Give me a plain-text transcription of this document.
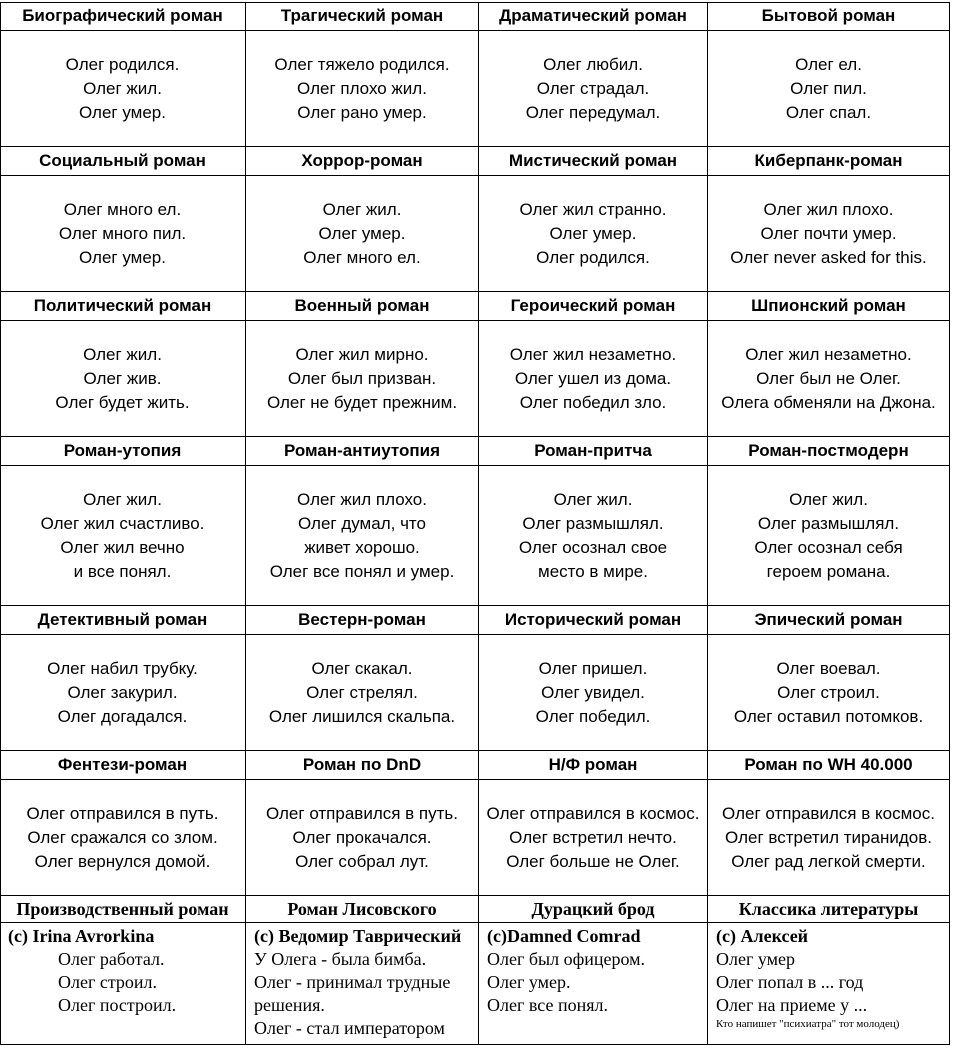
Биографический роман
Олег родился.
Олег жил.
Олег умер.
Трагический роман
Олег тяжело родился.
Олег плохо жил.
Олег рано умер.
Драматический роман
Олег любил.
Олег страдал.
Олег передумал.
Бытовой роман
Олег ел.
Олег пил.
Олег спал.
Социальный роман
Олег много ел.
Олег много пил.
Олег умер.
Хоррор-роман
Олег жил.
Олег умер.
Олег много ел.
Мистический роман
Олег жил странно.
Олег умер.
Олег родился.
Киберпанк-роман
Олег жил плохо.
Олег почти умер.
Олег never asked for this.
Политический роман
Олег жил.
Олег жив.
Олег будет жить.
Военный роман
Олег жил мирно.
Олег был призван.
Олег не будет прежним.
Героический роман
Олег жил незаметно.
Олег ушел из дома.
Олег победил зло.
Шпионский роман
Олег жил незаметно.
Олег был не Олег.
Олега обменяли на Джона.
Роман-утопия
Олег жил.
Олег жил счастливо.
Олег жил вечно
и все понял.
Роман-антиутопия
Олег жил плохо.
Олег думал, что
живет хорошо.
Олег все понял и умер.
Роман-притча
Олег жил.
Олег размышлял.
Олег осознал свое
место в мире.
Роман-постмодерн
Олег жил.
Олег размышлял.
Олег осознал себя
героем романа.
Детективный роман
Олег набил трубку.
Олег закурил.
Олег догадался.
Вестерн-роман
Олег скакал.
Олег стрелял.
Олег лишился скальпа.
Исторический роман
Олег пришел.
Олег увидел.
Олег победил.
Эпический роман
Олег воевал.
Олег строил.
Олег оставил потомков.
Фентези-роман
Олег отправился в путь.
Олег сражался со злом.
Олег вернулся домой.
Роман по DnD
Олег отправился в путь.
Олег прокачался.
Олег собрал лут.
Н/Ф роман
Олег отправился в космос.
Олег встретил нечто.
Олег больше не Олег.
Роман по WH 40.000
Олег отправился в космос.
Олег встретил тиранидов.
Олег рад легкой смерти.
Производственный роман
(с) Irina Avrorkina
Олег работал.
Олег строил.
Олег построил.
Роман Лисовского
(с) Ведомир Таврический
У Олега - была бимба.
Олег - принимал трудные
решения.
Олег - стал императором
Дурацкий брод
(c)Damned Comrad
Олег был офицером.
Олег умер.
Олег все понял.
Классика литературы
(c) Алексей
Олег умер
Олег попал в ... год
Олег на приеме у ...
Кто напишет "психиатра" тот молодец)
